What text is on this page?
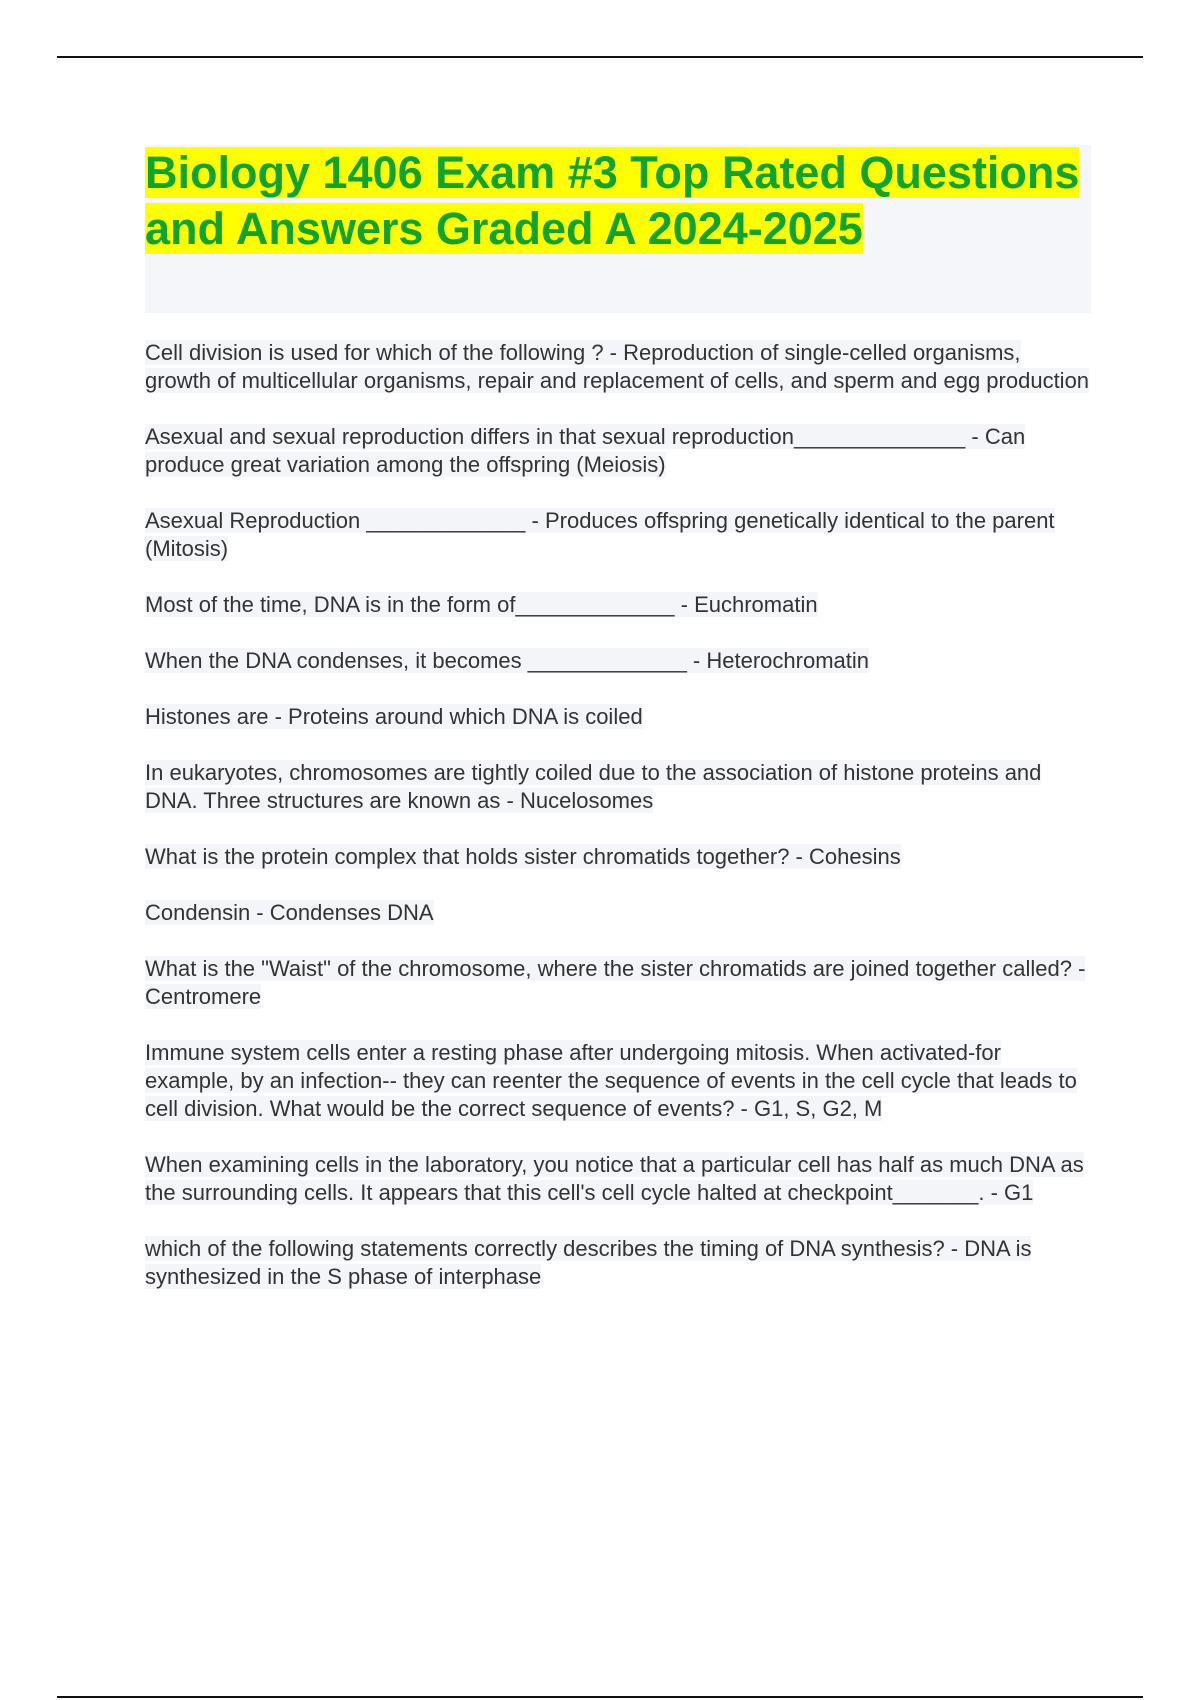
Biology 1406 Exam #3 Top Rated Questions and Answers Graded A 2024-2025

Cell division is used for which of the following ? - Reproduction of single-celled organisms, growth of multicellular organisms, repair and replacement of cells, and sperm and egg production

Asexual and sexual reproduction differs in that sexual reproduction______________ - Can produce great variation among the offspring (Meiosis)

Asexual Reproduction _____________ - Produces offspring genetically identical to the parent (Mitosis)

Most of the time, DNA is in the form of_____________ - Euchromatin

When the DNA condenses, it becomes _____________ - Heterochromatin

Histones are - Proteins around which DNA is coiled

In eukaryotes, chromosomes are tightly coiled due to the association of histone proteins and DNA. Three structures are known as - Nucelosomes

What is the protein complex that holds sister chromatids together? - Cohesins

Condensin - Condenses DNA

What is the "Waist" of the chromosome, where the sister chromatids are joined together called? - Centromere

Immune system cells enter a resting phase after undergoing mitosis. When activated-for example, by an infection-- they can reenter the sequence of events in the cell cycle that leads to cell division. What would be the correct sequence of events? - G1, S, G2, M

When examining cells in the laboratory, you notice that a particular cell has half as much DNA as the surrounding cells. It appears that this cell's cell cycle halted at checkpoint_______. - G1

which of the following statements correctly describes the timing of DNA synthesis? - DNA is synthesized in the S phase of interphase
